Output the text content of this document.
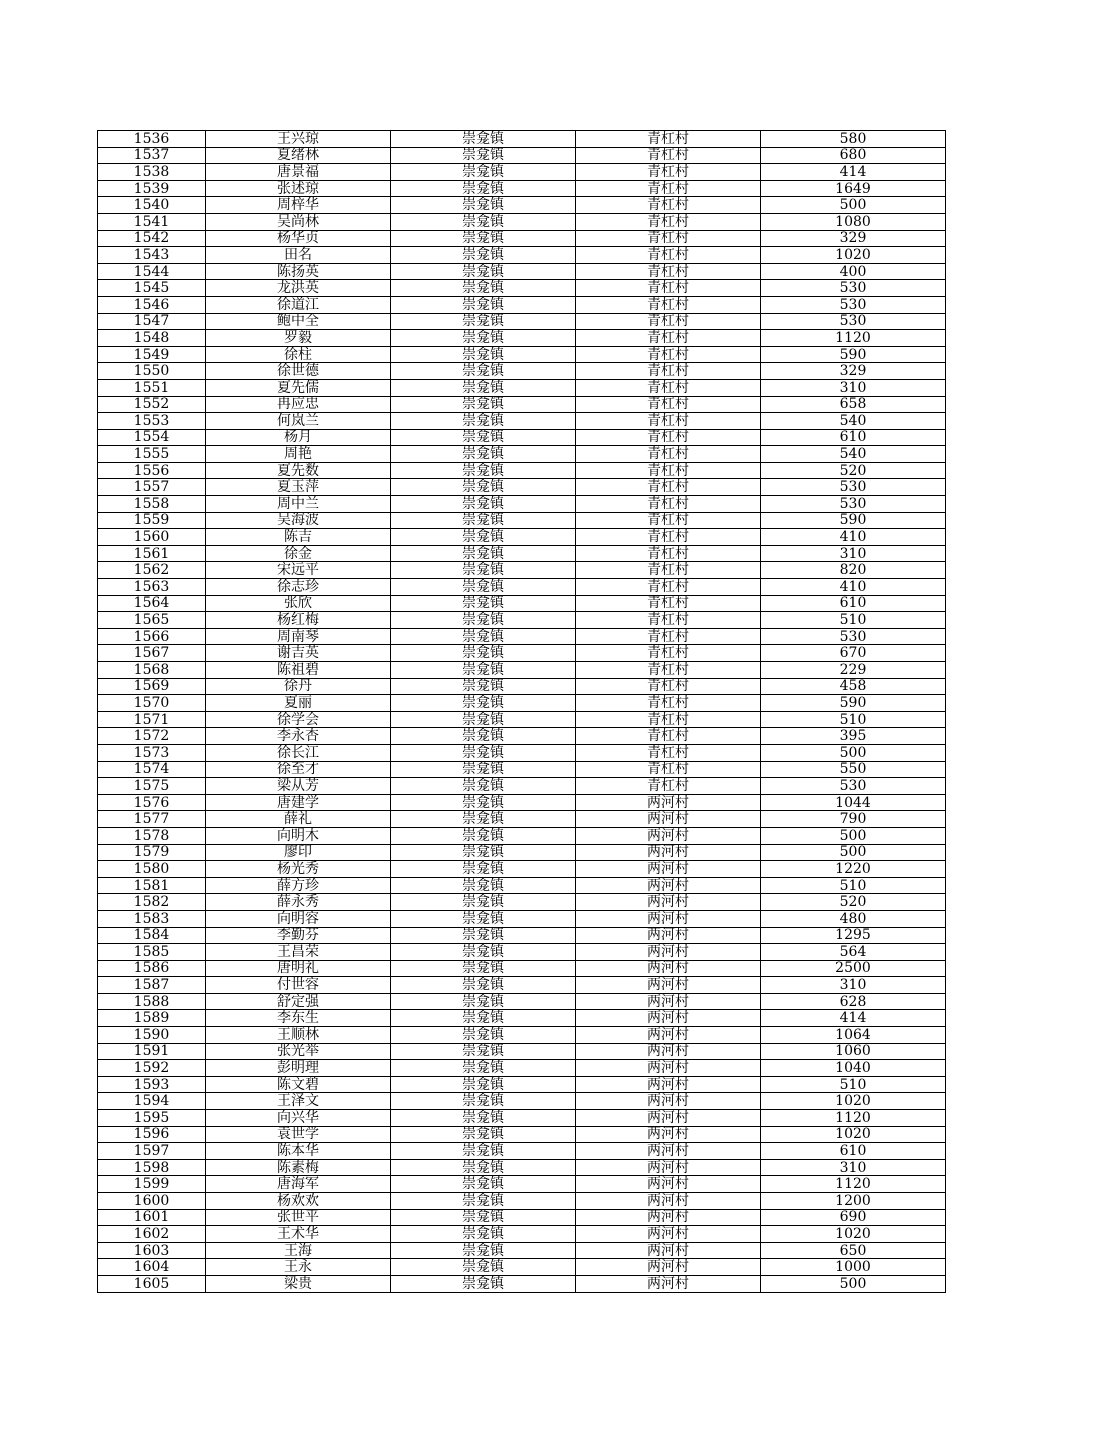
1536	王兴琼	崇龛镇	青杠村	580
1537	夏绪林	崇龛镇	青杠村	680
1538	唐景福	崇龛镇	青杠村	414
1539	张述琼	崇龛镇	青杠村	1649
1540	周梓华	崇龛镇	青杠村	500
1541	吴尚林	崇龛镇	青杠村	1080
1542	杨华贞	崇龛镇	青杠村	329
1543	田名	崇龛镇	青杠村	1020
1544	陈扬英	崇龛镇	青杠村	400
1545	龙洪英	崇龛镇	青杠村	530
1546	徐道江	崇龛镇	青杠村	530
1547	鲍中全	崇龛镇	青杠村	530
1548	罗毅	崇龛镇	青杠村	1120
1549	徐柱	崇龛镇	青杠村	590
1550	徐世德	崇龛镇	青杠村	329
1551	夏先儒	崇龛镇	青杠村	310
1552	冉应忠	崇龛镇	青杠村	658
1553	何岚兰	崇龛镇	青杠村	540
1554	杨月	崇龛镇	青杠村	610
1555	周艳	崇龛镇	青杠村	540
1556	夏先数	崇龛镇	青杠村	520
1557	夏玉萍	崇龛镇	青杠村	530
1558	周中兰	崇龛镇	青杠村	530
1559	吴海波	崇龛镇	青杠村	590
1560	陈吉	崇龛镇	青杠村	410
1561	徐金	崇龛镇	青杠村	310
1562	宋远平	崇龛镇	青杠村	820
1563	徐志珍	崇龛镇	青杠村	410
1564	张欣	崇龛镇	青杠村	610
1565	杨红梅	崇龛镇	青杠村	510
1566	周南琴	崇龛镇	青杠村	530
1567	谢吉英	崇龛镇	青杠村	670
1568	陈祖碧	崇龛镇	青杠村	229
1569	徐丹	崇龛镇	青杠村	458
1570	夏丽	崇龛镇	青杠村	590
1571	徐学会	崇龛镇	青杠村	510
1572	李永杏	崇龛镇	青杠村	395
1573	徐长江	崇龛镇	青杠村	500
1574	徐至才	崇龛镇	青杠村	550
1575	梁从芳	崇龛镇	青杠村	530
1576	唐建学	崇龛镇	两河村	1044
1577	薛礼	崇龛镇	两河村	790
1578	向明木	崇龛镇	两河村	500
1579	廖印	崇龛镇	两河村	500
1580	杨光秀	崇龛镇	两河村	1220
1581	薛方珍	崇龛镇	两河村	510
1582	薛永秀	崇龛镇	两河村	520
1583	向明容	崇龛镇	两河村	480
1584	李勤芬	崇龛镇	两河村	1295
1585	王昌荣	崇龛镇	两河村	564
1586	唐明礼	崇龛镇	两河村	2500
1587	付世容	崇龛镇	两河村	310
1588	舒定强	崇龛镇	两河村	628
1589	李东生	崇龛镇	两河村	414
1590	王顺林	崇龛镇	两河村	1064
1591	张光举	崇龛镇	两河村	1060
1592	彭明理	崇龛镇	两河村	1040
1593	陈文碧	崇龛镇	两河村	510
1594	王泽文	崇龛镇	两河村	1020
1595	向兴华	崇龛镇	两河村	1120
1596	袁世学	崇龛镇	两河村	1020
1597	陈本华	崇龛镇	两河村	610
1598	陈素梅	崇龛镇	两河村	310
1599	唐海军	崇龛镇	两河村	1120
1600	杨欢欢	崇龛镇	两河村	1200
1601	张世平	崇龛镇	两河村	690
1602	王术华	崇龛镇	两河村	1020
1603	王海	崇龛镇	两河村	650
1604	王永	崇龛镇	两河村	1000
1605	梁贵	崇龛镇	两河村	500
